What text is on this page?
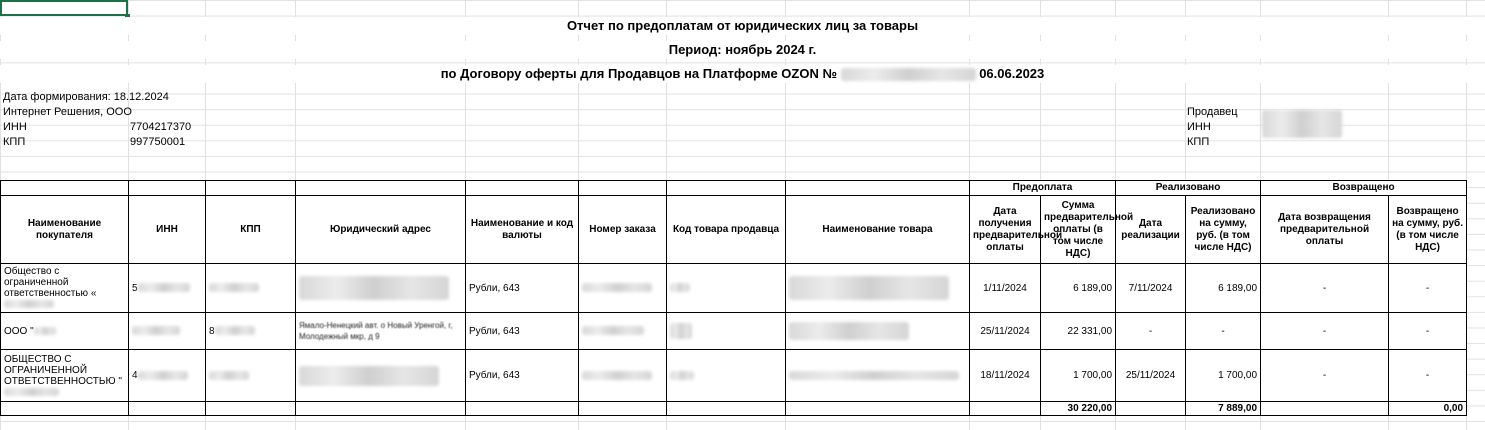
Отчет по предоплатам от юридических лиц за товары
Период: ноябрь 2024 г.
по Договору оферты для Продавцов на Платформе OZON №	06.06.2023
Дата формирования: 18.12.2024
Интернет Решения, ООО
ИНН	7704217370
КПП	997750001
Продавец
ИНН
КПП
								Предоплата		Реализовано		Возвращено	
Наименование покупателя	ИНН	КПП	Юридический адрес	Наименование и код валюты	Номер заказа	Код товара продавца	Наименование товара	Дата получения предварительной оплаты	Сумма предварительной оплаты (в том числе НДС)	Дата реализации	Реализовано на сумму, руб. (в том числе НДС)	Дата возвращения предварительной оплаты	Возвращено на сумму, руб. (в том числе НДС)
Общество с ограниченной ответственностью «	5			Рубли, 643				1/11/2024	6 189,00	7/11/2024	6 189,00	-	-
ООО "		8	Ямало-Ненецкий авт. о Новый Уренгой, г, Молодежный мкр, д 9	Рубли, 643				25/11/2024	22 331,00	-	-	-	-
ОБЩЕСТВО С ОГРАНИЧЕННОЙ ОТВЕТСТВЕННОСТЬЮ "	4			Рубли, 643				18/11/2024	1 700,00	25/11/2024	1 700,00	-	-
									30 220,00		7 889,00		0,00
